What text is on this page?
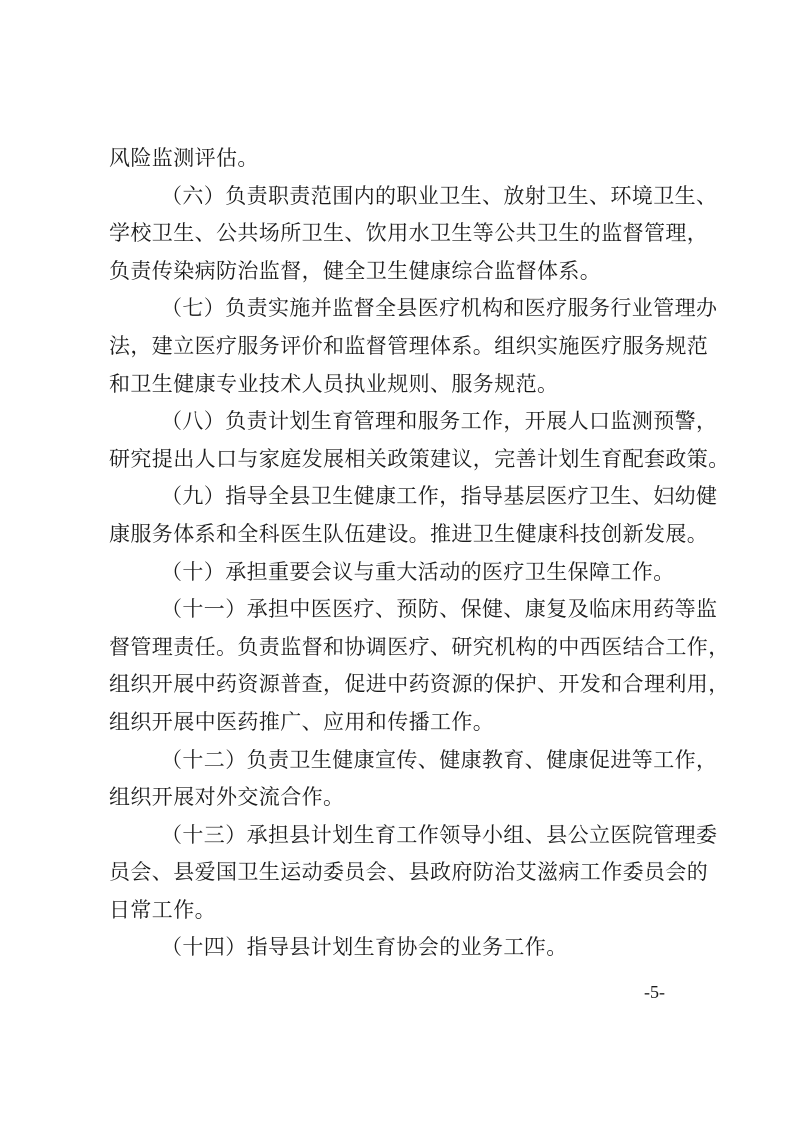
风险监测评估。
（六）负责职责范围内的职业卫生、放射卫生、环境卫生、
学校卫生、公共场所卫生、饮用水卫生等公共卫生的监督管理，
负责传染病防治监督，健全卫生健康综合监督体系。
（七）负责实施并监督全县医疗机构和医疗服务行业管理办
法，建立医疗服务评价和监督管理体系。组织实施医疗服务规范
和卫生健康专业技术人员执业规则、服务规范。
（八）负责计划生育管理和服务工作，开展人口监测预警，
研究提出人口与家庭发展相关政策建议，完善计划生育配套政策。
（九）指导全县卫生健康工作，指导基层医疗卫生、妇幼健
康服务体系和全科医生队伍建设。推进卫生健康科技创新发展。
（十）承担重要会议与重大活动的医疗卫生保障工作。
（十一）承担中医医疗、预防、保健、康复及临床用药等监
督管理责任。负责监督和协调医疗、研究机构的中西医结合工作，
组织开展中药资源普查，促进中药资源的保护、开发和合理利用，
组织开展中医药推广、应用和传播工作。
（十二）负责卫生健康宣传、健康教育、健康促进等工作，
组织开展对外交流合作。
（十三）承担县计划生育工作领导小组、县公立医院管理委
员会、县爱国卫生运动委员会、县政府防治艾滋病工作委员会的
日常工作。
（十四）指导县计划生育协会的业务工作。
-5-
